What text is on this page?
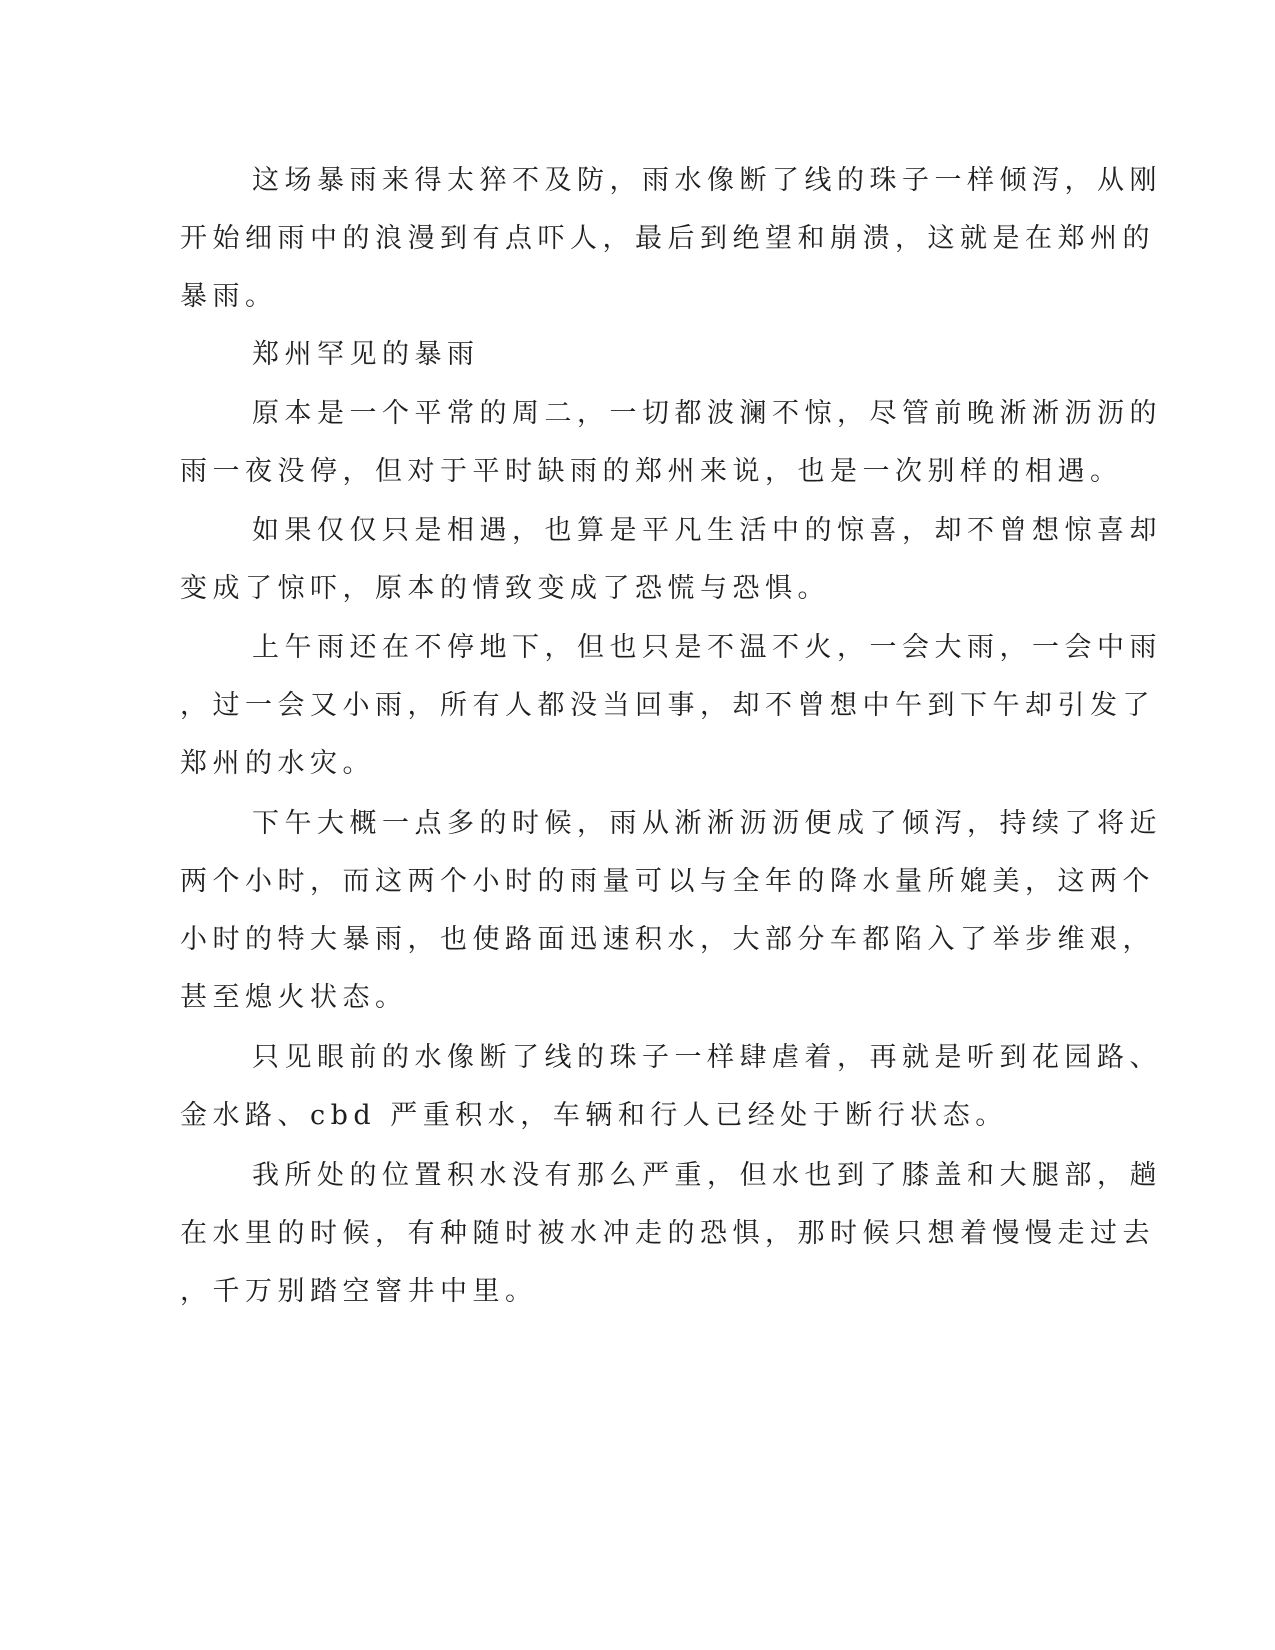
这场暴雨来得太猝不及防，雨水像断了线的珠子一样倾泻，从刚

开始细雨中的浪漫到有点吓人，最后到绝望和崩溃，这就是在郑州的

暴雨。

郑州罕见的暴雨

原本是一个平常的周二，一切都波澜不惊，尽管前晚淅淅沥沥的

雨一夜没停，但对于平时缺雨的郑州来说，也是一次别样的相遇。

如果仅仅只是相遇，也算是平凡生活中的惊喜，却不曾想惊喜却

变成了惊吓，原本的情致变成了恐慌与恐惧。

上午雨还在不停地下，但也只是不温不火，一会大雨，一会中雨

，过一会又小雨，所有人都没当回事，却不曾想中午到下午却引发了

郑州的水灾。

下午大概一点多的时候，雨从淅淅沥沥便成了倾泻，持续了将近

两个小时，而这两个小时的雨量可以与全年的降水量所媲美，这两个

小时的特大暴雨，也使路面迅速积水，大部分车都陷入了举步维艰，

甚至熄火状态。

只见眼前的水像断了线的珠子一样肆虐着，再就是听到花园路、

金水路、cbd 严重积水，车辆和行人已经处于断行状态。

我所处的位置积水没有那么严重，但水也到了膝盖和大腿部，趟

在水里的时候，有种随时被水冲走的恐惧，那时候只想着慢慢走过去

，千万别踏空窨井中里。
